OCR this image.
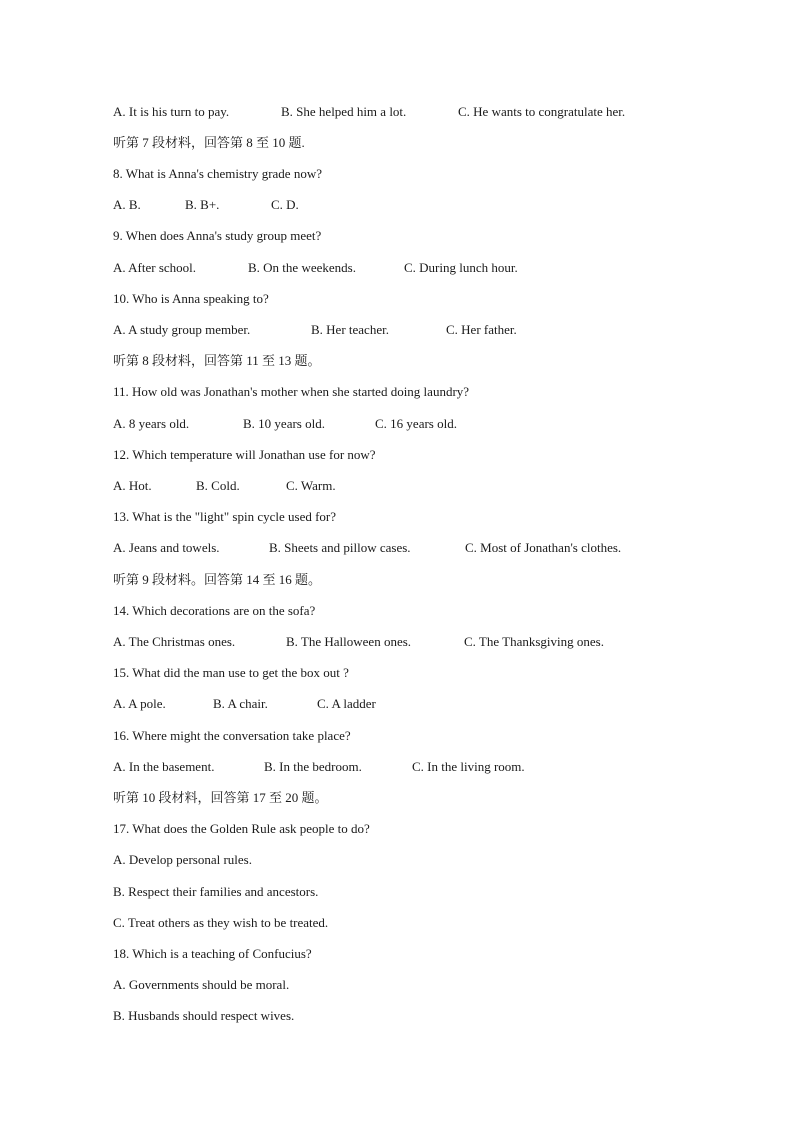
A. It is his turn to pay.	B. She helped him a lot.	C. He wants to congratulate her.
听第 7 段材料，回答第 8 至 10 题.
8. What is Anna's chemistry grade now?
A. B.	B. B+.	C. D.
9. When does Anna's study group meet?
A. After school.	B. On the weekends.	C. During lunch hour.
10. Who is Anna speaking to?
A. A study group member.	B. Her teacher.	C. Her father.
听第 8 段材料，回答第 11 至 13 题。
11. How old was Jonathan's mother when she started doing laundry?
A. 8 years old.	B. 10 years old.	C. 16 years old.
12. Which temperature will Jonathan use for now?
A. Hot.	B. Cold.	C. Warm.
13. What is the "light" spin cycle used for?
A. Jeans and towels.	B. Sheets and pillow cases.	C. Most of Jonathan's clothes.
听第 9 段材料。回答第 14 至 16 题。
14. Which decorations are on the sofa?
A. The Christmas ones.	B. The Halloween ones.	C. The Thanksgiving ones.
15. What did the man use to get the box out ?
A. A pole.	B. A chair.	C. A ladder
16. Where might the conversation take place?
A. In the basement.	B. In the bedroom.	C. In the living room.
听第 10 段材料，回答第 17 至 20 题。
17. What does the Golden Rule ask people to do?
A. Develop personal rules.
B. Respect their families and ancestors.
C. Treat others as they wish to be treated.
18. Which is a teaching of Confucius?
A. Governments should be moral.
B. Husbands should respect wives.
